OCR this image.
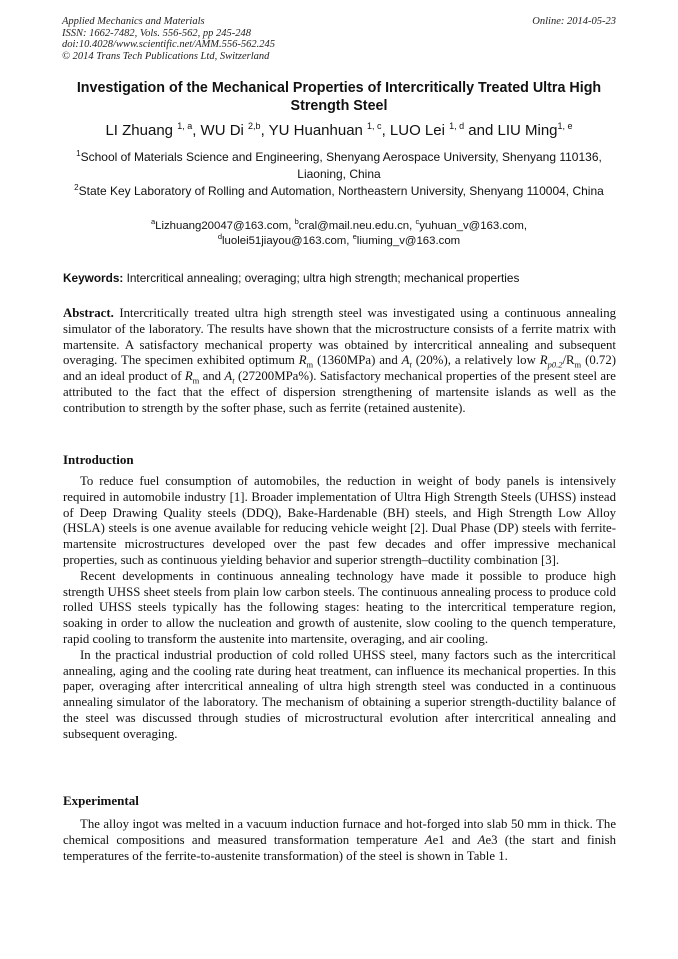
Applied Mechanics and Materials
ISSN: 1662-7482, Vols. 556-562, pp 245-248
doi:10.4028/www.scientific.net/AMM.556-562.245
© 2014 Trans Tech Publications Ltd, Switzerland
Online: 2014-05-23
Investigation of the Mechanical Properties of Intercritically Treated Ultra High Strength Steel
LI Zhuang $^{1, a}$, WU Di $^{2,b}$, YU Huanhuan $^{1, c}$, LUO Lei $^{1, d}$ and LIU Ming$^{1, e}$
$^1$School of Materials Science and Engineering, Shenyang Aerospace University, Shenyang 110136, Liaoning, China
$^2$State Key Laboratory of Rolling and Automation, Northeastern University, Shenyang 110004, China
$^a$Lizhuang20047@163.com, $^b$cral@mail.neu.edu.cn, $^c$yuhuan_v@163.com,
$^d$luolei51jiayou@163.com, $^e$liuming_v@163.com
Keywords: Intercritical annealing; overaging; ultra high strength; mechanical properties
Abstract. Intercritically treated ultra high strength steel was investigated using a continuous annealing simulator of the laboratory. The results have shown that the microstructure consists of a ferrite matrix with martensite. A satisfactory mechanical property was obtained by intercritical annealing and subsequent overaging. The specimen exhibited optimum $R_m$ (1360MPa) and $A_t$ (20%), a relatively low $R_{p0.2}/R_m$ (0.72) and an ideal product of $R_m$ and $A_t$ (27200MPa%). Satisfactory mechanical properties of the present steel are attributed to the fact that the effect of dispersion strengthening of martensite islands as well as the contribution to strength by the softer phase, such as ferrite (retained austenite).
Introduction

To reduce fuel consumption of automobiles, the reduction in weight of body panels is intensively required in automobile industry [1]. Broader implementation of Ultra High Strength Steels (UHSS) instead of Deep Drawing Quality steels (DDQ), Bake-Hardenable (BH) steels, and High Strength Low Alloy (HSLA) steels is one avenue available for reducing vehicle weight [2]. Dual Phase (DP) steels with ferrite-martensite microstructures developed over the past few decades and offer impressive mechanical properties, such as continuous yielding behavior and superior strength–ductility combination [3].

Recent developments in continuous annealing technology have made it possible to produce high strength UHSS sheet steels from plain low carbon steels. The continuous annealing process to produce cold rolled UHSS steels typically has the following stages: heating to the intercritical temperature region, soaking in order to allow the nucleation and growth of austenite, slow cooling to the quench temperature, rapid cooling to transform the austenite into martensite, overaging, and air cooling.

In the practical industrial production of cold rolled UHSS steel, many factors such as the intercritical annealing, aging and the cooling rate during heat treatment, can influence its mechanical properties. In this paper, overaging after intercritical annealing of ultra high strength steel was conducted in a continuous annealing simulator of the laboratory. The mechanism of obtaining a superior strength-ductility balance of the steel was discussed through studies of microstructural evolution after intercritical annealing and subsequent overaging.

Experimental

The alloy ingot was melted in a vacuum induction furnace and hot-forged into slab 50 mm in thick. The chemical compositions and measured transformation temperature Ae1 and Ae3 (the start and finish temperatures of the ferrite-to-austenite transformation) of the steel is shown in Table 1.
